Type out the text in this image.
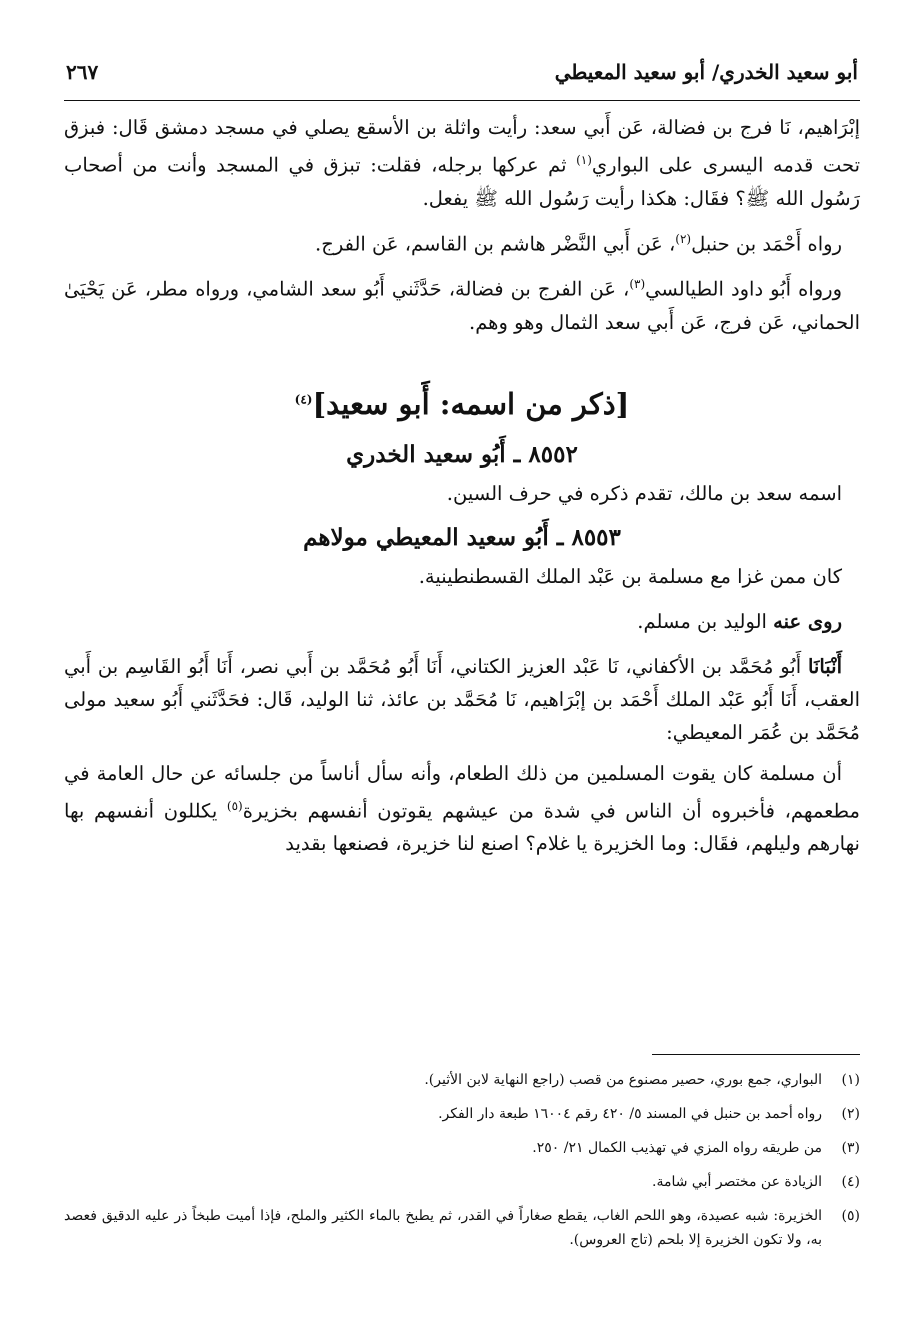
أبو سعيد الخدري/ أبو سعيد المعيطي
٢٦٧

إبْرَاهيم، نَا فرج بن فضالة، عَن أَبي سعد: رأيت واثلة بن الأسقع يصلي في مسجد دمشق قَال: فبزق تحت قدمه اليسرى على البواري$^{(١)}$ ثم عركها برجله، فقلت: تبزق في المسجد وأنت من أصحاب رَسُول الله ﷺ؟ فقَال: هكذا رأيت رَسُول الله ﷺ يفعل.

رواه أَحْمَد بن حنبل$^{(٢)}$، عَن أَبي النَّضْر هاشم بن القاسم، عَن الفرج.

ورواه أَبُو داود الطيالسي$^{(٣)}$، عَن الفرج بن فضالة، حَدَّثَني أَبُو سعد الشامي، ورواه مطر، عَن يَحْيَىٰ الحماني، عَن فرج، عَن أَبي سعد الثمال وهو وهم.

[ذكر من اسمه: أَبو سعيد]$^{(٤)}$
٨٥٥٢ ـ أَبُو سعيد الخدري

اسمه سعد بن مالك، تقدم ذكره في حرف السين.

٨٥٥٣ ـ أَبُو سعيد المعيطي مولاهم

كان ممن غزا مع مسلمة بن عَبْد الملك القسطنطينية.

روى عنه الوليد بن مسلم.

أَنْبَانَا أَبُو مُحَمَّد بن الأكفاني، نَا عَبْد العزيز الكتاني، أَنَا أَبُو مُحَمَّد بن أَبي نصر، أَنَا أَبُو القَاسِم بن أَبي العقب، أَنَا أَبُو عَبْد الملك أَحْمَد بن إبْرَاهيم، نَا مُحَمَّد بن عائذ، ثنا الوليد، قَال: فحَدَّثَني أَبُو سعيد مولى مُحَمَّد بن عُمَر المعيطي:

أن مسلمة كان يقوت المسلمين من ذلك الطعام، وأنه سأل أناساً من جلسائه عن حال العامة في مطعمهم، فأخبروه أن الناس في شدة من عيشهم يقوتون أنفسهم بخزيرة$^{(٥)}$ يكللون أنفسهم بها نهارهم وليلهم، فقَال: وما الخزيرة يا غلام؟ اصنع لنا خزيرة، فصنعها بقديد

(١)
البواري، جمع بوري، حصير مصنوع من قصب (راجع النهاية لابن الأثير).
(٢)
رواه أحمد بن حنبل في المسند ٥/ ٤٢٠ رقم ١٦٠٠٤ طبعة دار الفكر.
(٣)
من طريقه رواه المزي في تهذيب الكمال ٢١/ ٢٥٠.
(٤)
الزيادة عن مختصر أبي شامة.
(٥)
الخزيرة: شبه عصيدة، وهو اللحم الغاب، يقطع صغاراً في القدر، ثم يطبخ بالماء الكثير والملح، فإذا أميت طبخاً ذر عليه الدقيق فعصد به، ولا تكون الخزيرة إلا بلحم (تاج العروس).
